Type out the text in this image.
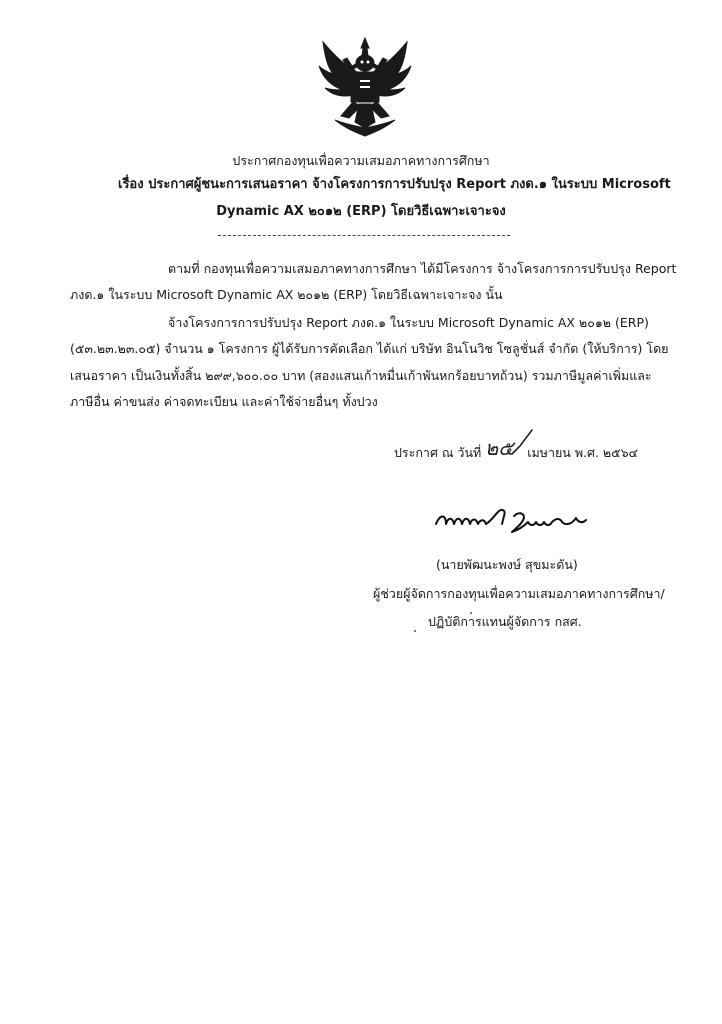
ประกาศกองทุนเพื่อความเสมอภาคทางการศึกษา
เรื่อง ประกาศผู้ชนะการเสนอราคา จ้างโครงการการปรับปรุง Report ภงด.๑ ในระบบ Microsoft
Dynamic AX ๒๐๑๒ (ERP) โดยวิธีเฉพาะเจาะจง
ตามที่ กองทุนเพื่อความเสมอภาคทางการศึกษา ได้มีโครงการ จ้างโครงการการปรับปรุง Report
ภงด.๑ ในระบบ Microsoft Dynamic AX ๒๐๑๒ (ERP) โดยวิธีเฉพาะเจาะจง นั้น
จ้างโครงการการปรับปรุง Report ภงด.๑ ในระบบ Microsoft Dynamic AX ๒๐๑๒ (ERP)
(๕๓.๒๓.๒๓.๐๕) จำนวน ๑ โครงการ ผู้ได้รับการคัดเลือก ได้แก่ บริษัท อินโนวิช โซลูชั่นส์ จำกัด (ให้บริการ) โดย
เสนอราคา เป็นเงินทั้งสิ้น ๒๙๙,๖๐๐.๐๐ บาท (สองแสนเก้าหมื่นเก้าพันหกร้อยบาทถ้วน) รวมภาษีมูลค่าเพิ่มและ
ภาษีอื่น ค่าขนส่ง ค่าจดทะเบียน และค่าใช้จ่ายอื่นๆ ทั้งปวง
ประกาศ ณ วันที่	เมษายน พ.ศ. ๒๕๖๔
๒๕
(นายพัฒนะพงษ์ สุขมะดัน)
ผู้ช่วยผู้จัดการกองทุนเพื่อความเสมอภาคทางการศึกษา/
ปฏิบัติการแทนผู้จัดการ กสศ.
